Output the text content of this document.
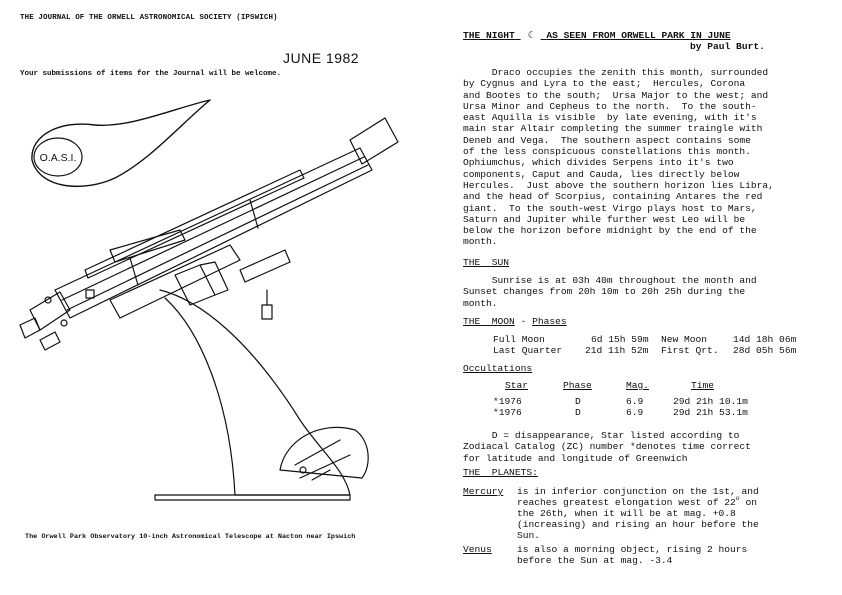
THE JOURNAL OF THE ORWELL ASTRONOMICAL SOCIETY (IPSWICH)
JUNE 1982
Your submissions of items for the Journal will be welcome.
O.A.S.I.
The Orwell Park Observatory 10-inch Astronomical Telescope at Nacton near Ipswich
THE NIGHT ☾ AS SEEN FROM ORWELL PARK IN JUNE
by Paul Burt.
Draco occupies the zenith this month, surrounded
by Cygnus and Lyra to the east;  Hercules, Corona
and Bootes to the south;  Ursa Major to the west; and
Ursa Minor and Cepheus to the north.  To the south-
east Aquilla is visible  by late evening, with it's
main star Altair completing the summer traingle with
Deneb and Vega.  The southern aspect contains some
of the less conspicuous constellations this month.
Ophiumchus, which divides Serpens into it's two
components, Caput and Cauda, lies directly below
Hercules.  Just above the southern horizon lies Libra,
and the head of Scorpius, containing Antares the red
giant.  To the south-west Virgo plays host to Mars,
Saturn and Jupiter while further west Leo will be
below the horizon before midnight by the end of the
month.
THE  SUN
Sunrise is at 03h 40m throughout the month and
Sunset changes from 20h 10m to 20h 25h during the
month.
THE  MOON - Phases
Full Moon	6d 15h 59m New Moon	14d 18h 06m
Last Quarter 21d 11h 52m First Qrt. 28d 05h 56m
Occultations
Star	Phase	Mag.	Time
*1976	D	6.9	29d 21h 10.1m
*1976	D	6.9	29d 21h 53.1m
D = disappearance, Star listed according to
Zodiacal Catalog (ZC) number *denotes time correct
for latitude and longitude of Greenwich
THE  PLANETS:
Mercury is in inferior conjunction on the 1st, and
reaches greatest elongation west of 22$^o$ on
the 26th, when it will be at mag. +0.8
(increasing) and rising an hour before the
Sun.
Venus	is also a morning object, rising 2 hours
before the Sun at mag. -3.4
